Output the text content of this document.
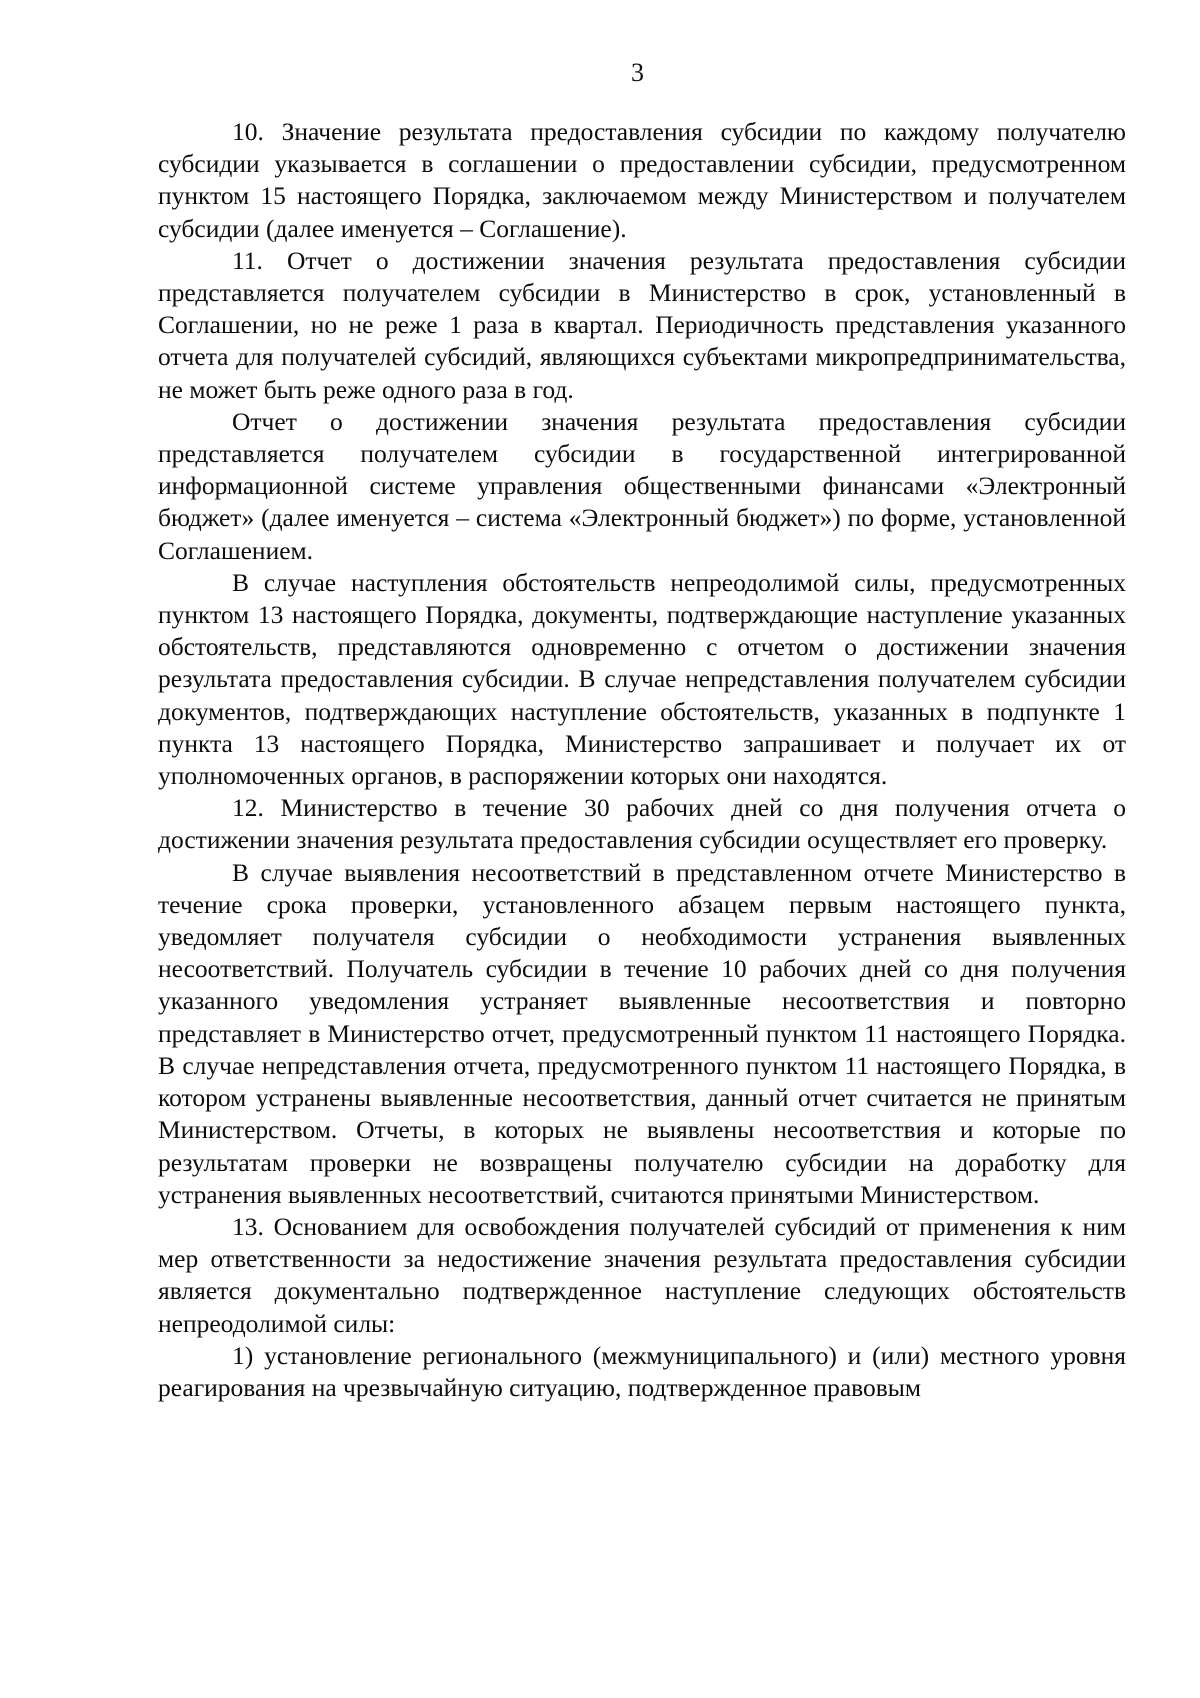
3

10. Значение результата предоставления субсидии по каждому получателю субсидии указывается в соглашении о предоставлении субсидии, предусмотренном пунктом 15 настоящего Порядка, заключаемом между Министерством и получателем субсидии (далее именуется – Соглашение).

11. Отчет о достижении значения результата предоставления субсидии представляется получателем субсидии в Министерство в срок, установленный в Соглашении, но не реже 1 раза в квартал. Периодичность представления указанного отчета для получателей субсидий, являющихся субъектами микропредпринимательства, не может быть реже одного раза в год.

Отчет о достижении значения результата предоставления субсидии представляется получателем субсидии в государственной интегрированной информационной системе управления общественными финансами «Электронный бюджет» (далее именуется – система «Электронный бюджет») по форме, установленной Соглашением.

В случае наступления обстоятельств непреодолимой силы, предусмотренных пунктом 13 настоящего Порядка, документы, подтверждающие наступление указанных обстоятельств, представляются одновременно с отчетом о достижении значения результата предоставления субсидии. В случае непредставления получателем субсидии документов, подтверждающих наступление обстоятельств, указанных в подпункте 1 пункта 13 настоящего Порядка, Министерство запрашивает и получает их от уполномоченных органов, в распоряжении которых они находятся.

12. Министерство в течение 30 рабочих дней со дня получения отчета о достижении значения результата предоставления субсидии осуществляет его проверку.

В случае выявления несоответствий в представленном отчете Министерство в течение срока проверки, установленного абзацем первым настоящего пункта, уведомляет получателя субсидии о необходимости устранения выявленных несоответствий. Получатель субсидии в течение 10 рабочих дней со дня получения указанного уведомления устраняет выявленные несоответствия и повторно представляет в Министерство отчет, предусмотренный пунктом 11 настоящего Порядка. В случае непредставления отчета, предусмотренного пунктом 11 настоящего Порядка, в котором устранены выявленные несоответствия, данный отчет считается не принятым Министерством. Отчеты, в которых не выявлены несоответствия и которые по результатам проверки не возвращены получателю субсидии на доработку для устранения выявленных несоответствий, считаются принятыми Министерством.

13. Основанием для освобождения получателей субсидий от применения к ним мер ответственности за недостижение значения результата предоставления субсидии является документально подтвержденное наступление следующих обстоятельств непреодолимой силы:

1) установление регионального (межмуниципального) и (или) местного уровня реагирования на чрезвычайную ситуацию, подтвержденное правовым
